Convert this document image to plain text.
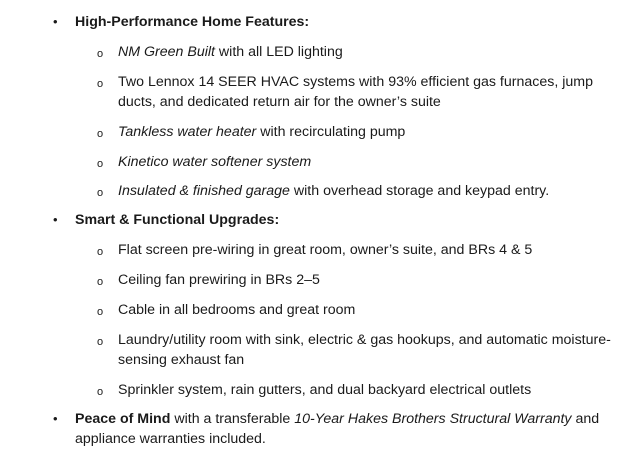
• High-Performance Home Features:
o NM Green Built with all LED lighting
o Two Lennox 14 SEER HVAC systems with 93% efficient gas furnaces, jump ducts, and dedicated return air for the owner’s suite
o Tankless water heater with recirculating pump
o Kinetico water softener system
o Insulated & finished garage with overhead storage and keypad entry.
• Smart & Functional Upgrades:
o Flat screen pre-wiring in great room, owner’s suite, and BRs 4 & 5
o Ceiling fan prewiring in BRs 2–5
o Cable in all bedrooms and great room
o Laundry/utility room with sink, electric & gas hookups, and automatic moisture-sensing exhaust fan
o Sprinkler system, rain gutters, and dual backyard electrical outlets
• Peace of Mind with a transferable 10-Year Hakes Brothers Structural Warranty and appliance warranties included.
